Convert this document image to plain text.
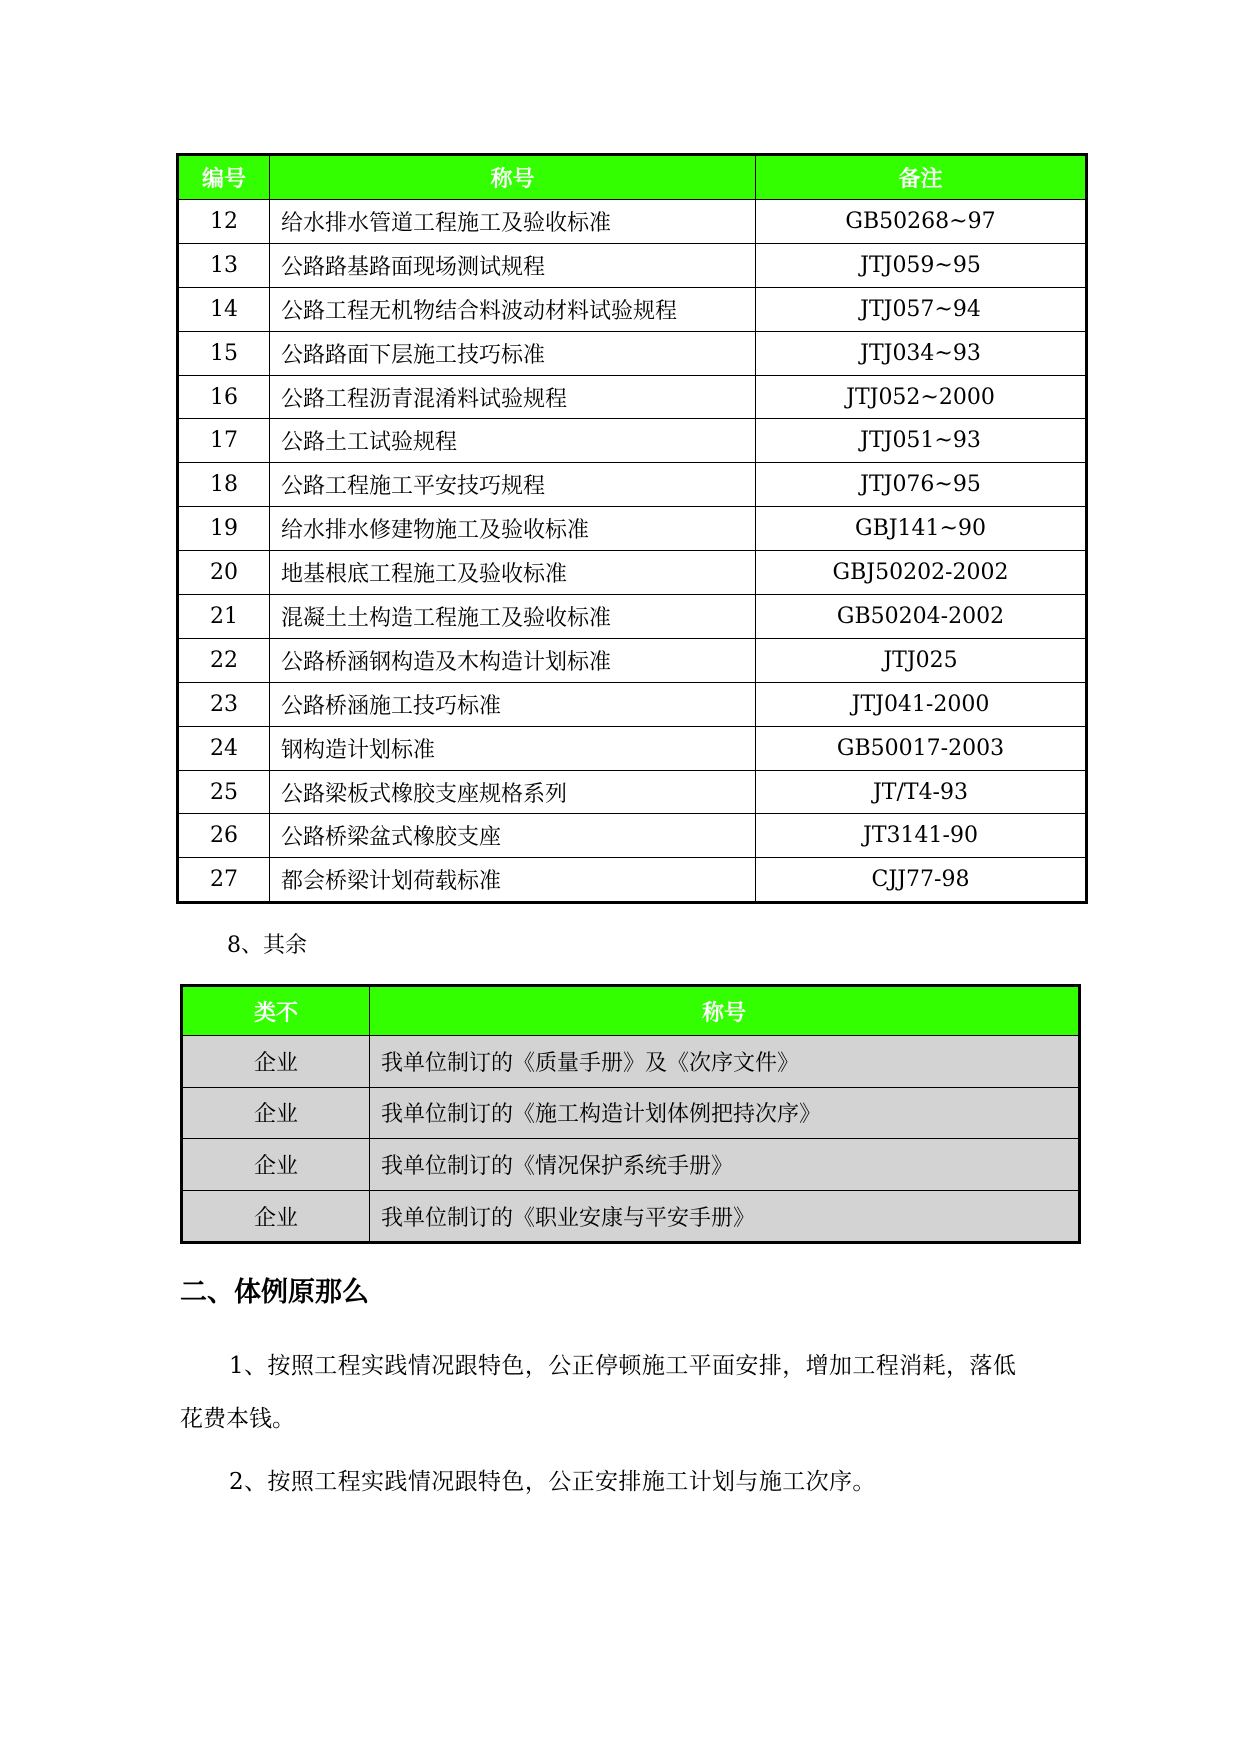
编号	称号	备注
12	给水排水管道工程施工及验收标准	GB50268~97
13	公路路基路面现场测试规程	JTJ059~95
14	公路工程无机物结合料波动材料试验规程	JTJ057~94
15	公路路面下层施工技巧标准	JTJ034~93
16	公路工程沥青混淆料试验规程	JTJ052~2000
17	公路土工试验规程	JTJ051~93
18	公路工程施工平安技巧规程	JTJ076~95
19	给水排水修建物施工及验收标准	GBJ141~90
20	地基根底工程施工及验收标准	GBJ50202-2002
21	混凝土土构造工程施工及验收标准	GB50204-2002
22	公路桥涵钢构造及木构造计划标准	JTJ025
23	公路桥涵施工技巧标准	JTJ041-2000
24	钢构造计划标准	GB50017-2003
25	公路梁板式橡胶支座规格系列	JT/T4-93
26	公路桥梁盆式橡胶支座	JT3141-90
27	都会桥梁计划荷载标准	CJJ77-98
8、其余
类不	称号
企业	我单位制订的《质量手册》及《次序文件》
企业	我单位制订的《施工构造计划体例把持次序》
企业	我单位制订的《情况保护系统手册》
企业	我单位制订的《职业安康与平安手册》
二、体例原那么
1、按照工程实践情况跟特色，公正停顿施工平面安排，增加工程消耗，落低
花费本钱。
2、按照工程实践情况跟特色，公正安排施工计划与施工次序。
